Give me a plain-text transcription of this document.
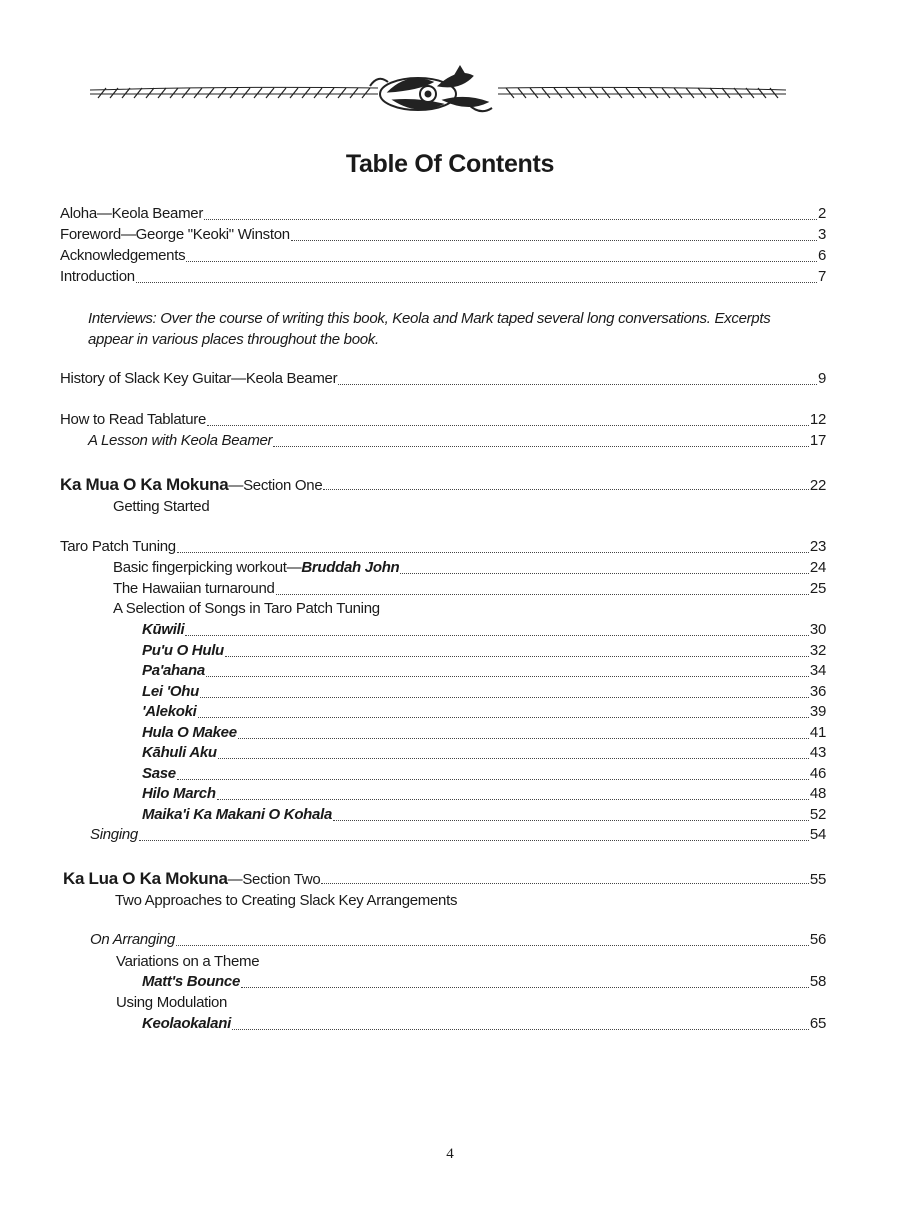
Table Of Contents
Aloha—Keola Beamer	2
Foreword—George "Keoki" Winston	3
Acknowledgements	6
Introduction	7
History of Slack Key Guitar—Keola Beamer	9
How to Read Tablature	12
A Lesson with Keola Beamer	17
Ka Mua O Ka Mokuna—Section One	22
Getting Started
Taro Patch Tuning	23
Basic fingerpicking workout—Bruddah John	24
The Hawaiian turnaround	25
A Selection of Songs in Taro Patch Tuning
Kūwili	30
Pu'u O Hulu	32
Pa'ahana	34
Lei 'Ohu	36
'Alekoki	39
Hula O Makee	41
Kāhuli Aku	43
Sase	46
Hilo March	48
Maika'i Ka Makani O Kohala	52
Singing	54
Ka Lua O Ka Mokuna—Section Two	55
Two Approaches to Creating Slack Key Arrangements
On Arranging	56
Variations on a Theme
Matt's Bounce	58
Using Modulation
Keolaokalani	65
Interviews: Over the course of writing this book, Keola and Mark taped several long conversations. Excerpts appear in various places throughout the book.
4
